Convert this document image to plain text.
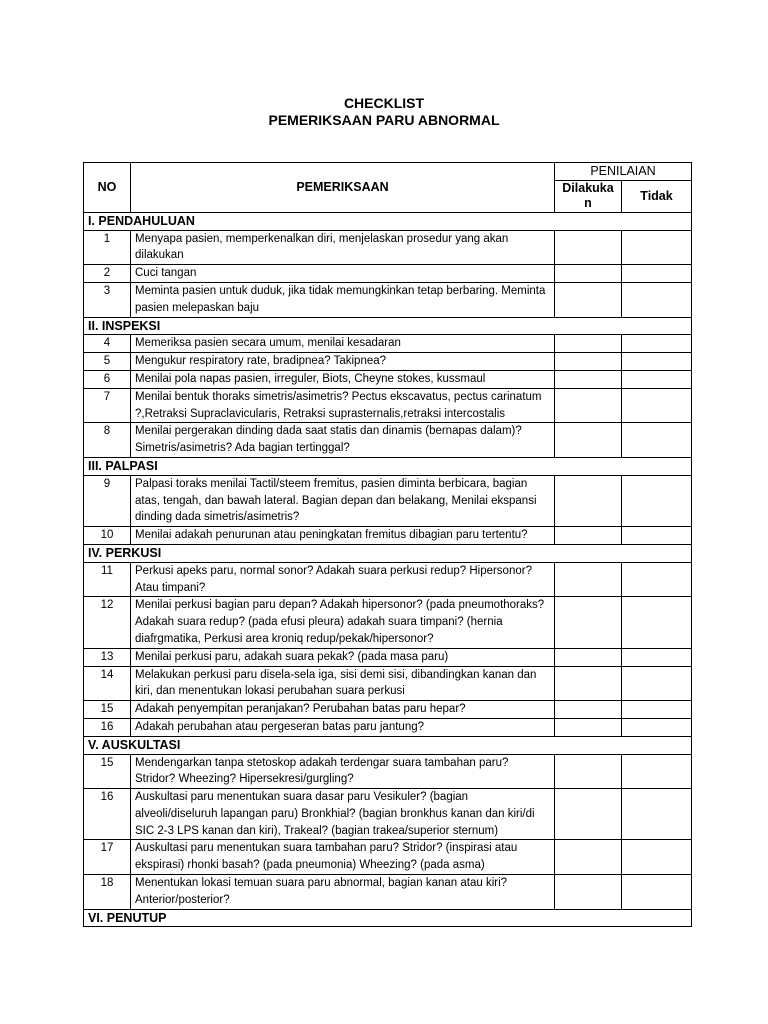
CHECKLIST
PEMERIKSAAN PARU ABNORMAL
NO	PEMERIKSAAN	PENILAIAN	
		Dilakuka n	Tidak
I. PENDAHULUAN			
1	Menyapa pasien, memperkenalkan diri, menjelaskan prosedur yang akan dilakukan		
2	Cuci tangan		
3	Meminta pasien untuk duduk, jika tidak memungkinkan tetap berbaring. Meminta pasien melepaskan baju		
II. INSPEKSI			
4	Memeriksa pasien secara umum, menilai kesadaran		
5	Mengukur respiratory rate, bradipnea? Takipnea?		
6	Menilai pola napas pasien, irreguler, Biots, Cheyne stokes, kussmaul		
7	Menilai bentuk thoraks simetris/asimetris? Pectus ekscavatus, pectus carinatum ?,Retraksi Supraclavicularis, Retraksi suprasternalis,retraksi intercostalis		
8	Menilai pergerakan dinding dada saat statis dan dinamis (bernapas dalam)? Simetris/asimetris? Ada bagian tertinggal?		
III. PALPASI			
9	Palpasi toraks menilai Tactil/steem fremitus, pasien diminta berbicara, bagian atas, tengah, dan bawah lateral. Bagian depan dan belakang, Menilai ekspansi dinding dada simetris/asimetris?		
10	Menilai adakah penurunan atau peningkatan fremitus dibagian paru tertentu?		
IV. PERKUSI			
11	Perkusi apeks paru, normal sonor? Adakah suara perkusi redup? Hipersonor? Atau timpani?		
12	Menilai perkusi bagian paru depan? Adakah hipersonor? (pada pneumothoraks? Adakah suara redup? (pada efusi pleura) adakah suara timpani? (hernia diafrgmatika, Perkusi area kroniq redup/pekak/hipersonor?		
13	Menilai perkusi paru, adakah suara pekak? (pada masa paru)		
14	Melakukan perkusi paru disela-sela iga, sisi demi sisi, dibandingkan kanan dan kiri, dan menentukan lokasi perubahan suara perkusi		
15	Adakah penyempitan peranjakan? Perubahan batas paru hepar?		
16	Adakah perubahan atau pergeseran batas paru jantung?		
V. AUSKULTASI			
15	Mendengarkan tanpa stetoskop adakah terdengar suara tambahan paru? Stridor? Wheezing? Hipersekresi/gurgling?		
16	Auskultasi paru menentukan suara dasar paru Vesikuler? (bagian alveoli/diseluruh lapangan paru) Bronkhial? (bagian bronkhus kanan dan kiri/di SIC 2-3 LPS kanan dan kiri), Trakeal? (bagian trakea/superior sternum)		
17	Auskultasi paru menentukan suara tambahan paru? Stridor? (inspirasi atau ekspirasi) rhonki basah? (pada pneumonia) Wheezing? (pada asma)		
18	Menentukan lokasi temuan suara paru abnormal, bagian kanan atau kiri? Anterior/posterior?		
VI. PENUTUP			
